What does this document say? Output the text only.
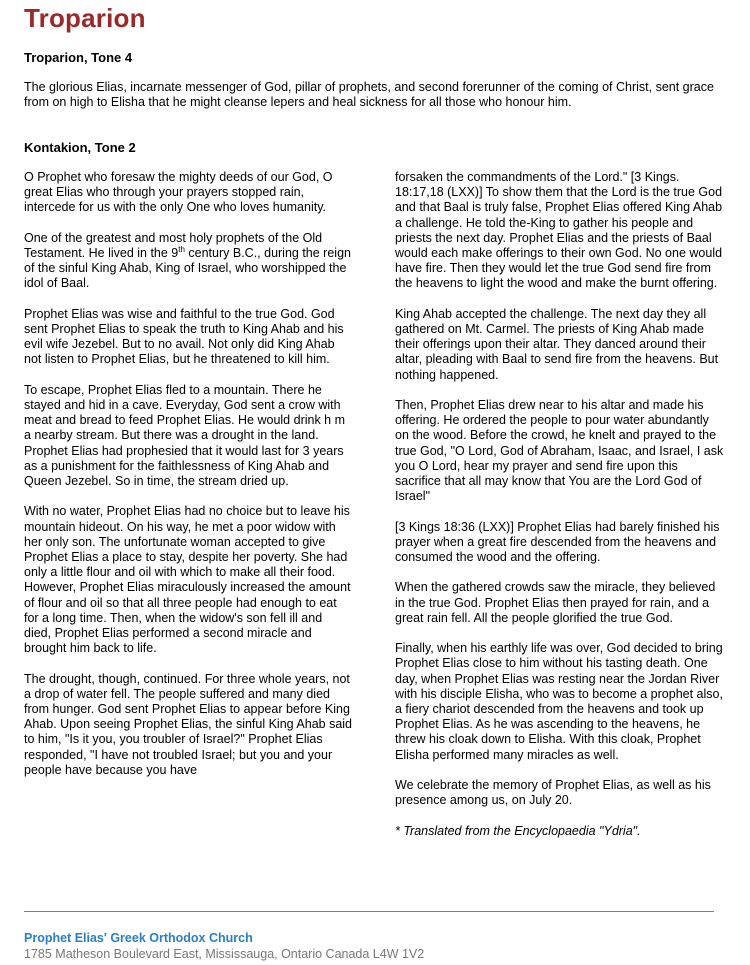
Troparion
Troparion, Tone 4

The glorious Elias, incarnate messenger of God, pillar of prophets, and second forerunner of the coming of Christ, sent grace from on high to Elisha that he might cleanse lepers and heal sickness for all those who honour him.

Kontakion, Tone 2

O Prophet who foresaw the mighty deeds of our God, O great Elias who through your prayers stopped rain, intercede for us with the only One who loves humanity.

One of the greatest and most holy prophets of the Old Testament. He lived in the 9th century B.C., during the reign of the sinful King Ahab, King of Israel, who worshipped the idol of Baal.

Prophet Elias was wise and faithful to the true God. God sent Prophet Elias to speak the truth to King Ahab and his evil wife Jezebel. But to no avail. Not only did King Ahab not listen to Prophet Elias, but he threatened to kill him.

To escape, Prophet Elias fled to a mountain. There he stayed and hid in a cave. Everyday, God sent a crow with meat and bread to feed Prophet Elias. He would drink h m a nearby stream. But there was a drought in the land. Prophet Elias had prophesied that it would last for 3 years as a punishment for the faithlessness of King Ahab and Queen Jezebel. So in time, the stream dried up.

With no water, Prophet Elias had no choice but to leave his mountain hideout. On his way, he met a poor widow with her only son. The unfortunate woman accepted to give Prophet Elias a place to stay, despite her poverty. She had only a little flour and oil with which to make all their food. However, Prophet Elias miraculously increased the amount of flour and oil so that all three people had enough to eat for a long time. Then, when the widow's son fell ill and died, Prophet Elias performed a second miracle and brought him back to life.

The drought, though, continued. For three whole years, not a drop of water fell. The people suffered and many died from hunger. God sent Prophet Elias to appear before King Ahab. Upon seeing Prophet Elias, the sinful King Ahab said to him, "Is it you, you troubler of Israel?" Prophet Elias responded, "I have not troubled Israel; but you and your people have because you have

forsaken the commandments of the Lord." [3 Kings. 18:17,18 (LXX)] To show them that the Lord is the true God and that Baal is truly false, Prophet Elias offered King Ahab a challenge. He told the-King to gather his people and priests the next day. Prophet Elias and the priests of Baal would each make offerings to their own God. No one would have fire. Then they would let the true God send fire from the heavens to light the wood and make the burnt offering.

King Ahab accepted the challenge. The next day they all gathered on Mt. Carmel. The priests of King Ahab made their offerings upon their altar. They danced around their altar, pleading with Baal to send fire from the heavens. But nothing happened.

Then, Prophet Elias drew near to his altar and made his offering. He ordered the people to pour water abundantly on the wood. Before the crowd, he knelt and prayed to the true God, "O Lord, God of Abraham, Isaac, and Israel, I ask you O Lord, hear my prayer and send fire upon this sacrifice that all may know that You are the Lord God of Israel"

[3 Kings 18:36 (LXX)] Prophet Elias had barely finished his prayer when a great fire descended from the heavens and consumed the wood and the offering.

When the gathered crowds saw the miracle, they believed in the true God. Prophet Elias then prayed for rain, and a great rain fell. All the people glorified the true God.

Finally, when his earthly life was over, God decided to bring Prophet Elias close to him without his tasting death. One day, when Prophet Elias was resting near the Jordan River with his disciple Elisha, who was to become a prophet also, a fiery chariot descended from the heavens and took up Prophet Elias. As he was ascending to the heavens, he threw his cloak down to Elisha. With this cloak, Prophet Elisha performed many miracles as well.

We celebrate the memory of Prophet Elias, as well as his presence among us, on July 20.

* Translated from the Encyclopaedia "Ydria".

Prophet Elias' Greek Orthodox Church

1785 Matheson Boulevard East, Mississauga, Ontario Canada L4W 1V2
